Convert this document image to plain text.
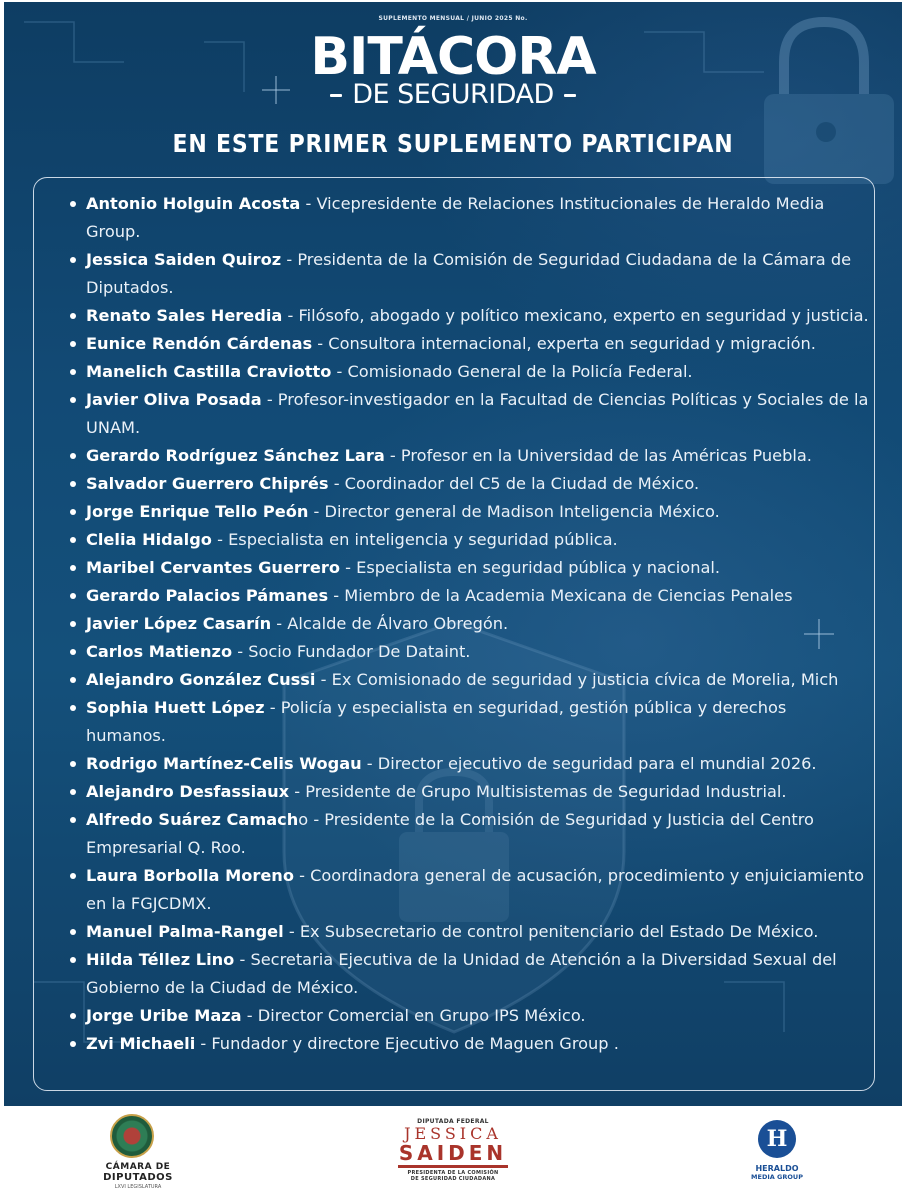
SUPLEMENTO MENSUAL / JUNIO 2025 No.
BITÁCORA
DE SEGURIDAD
EN ESTE PRIMER SUPLEMENTO PARTICIPAN
Antonio Holguin Acosta - Vicepresidente de Relaciones Institucionales de Heraldo Media Group.
Jessica Saiden Quiroz - Presidenta de la Comisión de Seguridad Ciudadana de la Cámara de Diputados.
Renato Sales Heredia - Filósofo, abogado y político mexicano, experto en seguridad y justicia.
Eunice Rendón Cárdenas - Consultora internacional, experta en seguridad y migración.
Manelich Castilla Craviotto - Comisionado General de la Policía Federal.
Javier Oliva Posada - Profesor-investigador en la Facultad de Ciencias Políticas y Sociales de la UNAM.
Gerardo Rodríguez Sánchez Lara - Profesor en la Universidad de las Américas Puebla.
Salvador Guerrero Chiprés - Coordinador del C5 de la Ciudad de México.
Jorge Enrique Tello Peón - Director general de Madison Inteligencia México.
Clelia Hidalgo - Especialista en inteligencia y seguridad pública.
Maribel Cervantes Guerrero - Especialista en seguridad pública y nacional.
Gerardo Palacios Pámanes - Miembro de la Academia Mexicana de Ciencias Penales
Javier López Casarín - Alcalde de Álvaro Obregón.
Carlos Matienzo - Socio Fundador De Dataint.
Alejandro González Cussi - Ex Comisionado de seguridad y justicia cívica de Morelia, Mich
Sophia Huett López - Policía y especialista en seguridad, gestión pública y derechos humanos.
Rodrigo Martínez-Celis Wogau - Director ejecutivo de seguridad para el mundial 2026.
Alejandro Desfassiaux - Presidente de Grupo Multisistemas de Seguridad Industrial.
Alfredo Suárez Camacho - Presidente de la Comisión de Seguridad y Justicia del Centro Empresarial Q. Roo.
Laura Borbolla Moreno - Coordinadora general de acusación, procedimiento y enjuiciamiento en la FGJCDMX.
Manuel Palma-Rangel - Ex Subsecretario de control penitenciario del Estado De México.
Hilda Téllez Lino - Secretaria Ejecutiva de la Unidad de Atención a la Diversidad Sexual del Gobierno de la Ciudad de México.
Jorge Uribe Maza - Director Comercial en Grupo IPS México.
Zvi Michaeli - Fundador y directore Ejecutivo de Maguen Group .
CÁMARA DE
DIPUTADOS
LXVI LEGISLATURA
DIPUTADA FEDERAL
JESSICA
SAIDEN
PRESIDENTA DE LA COMISIÓN
DE SEGURIDAD CIUDADANA
H
HERALDO
MEDIA GROUP
